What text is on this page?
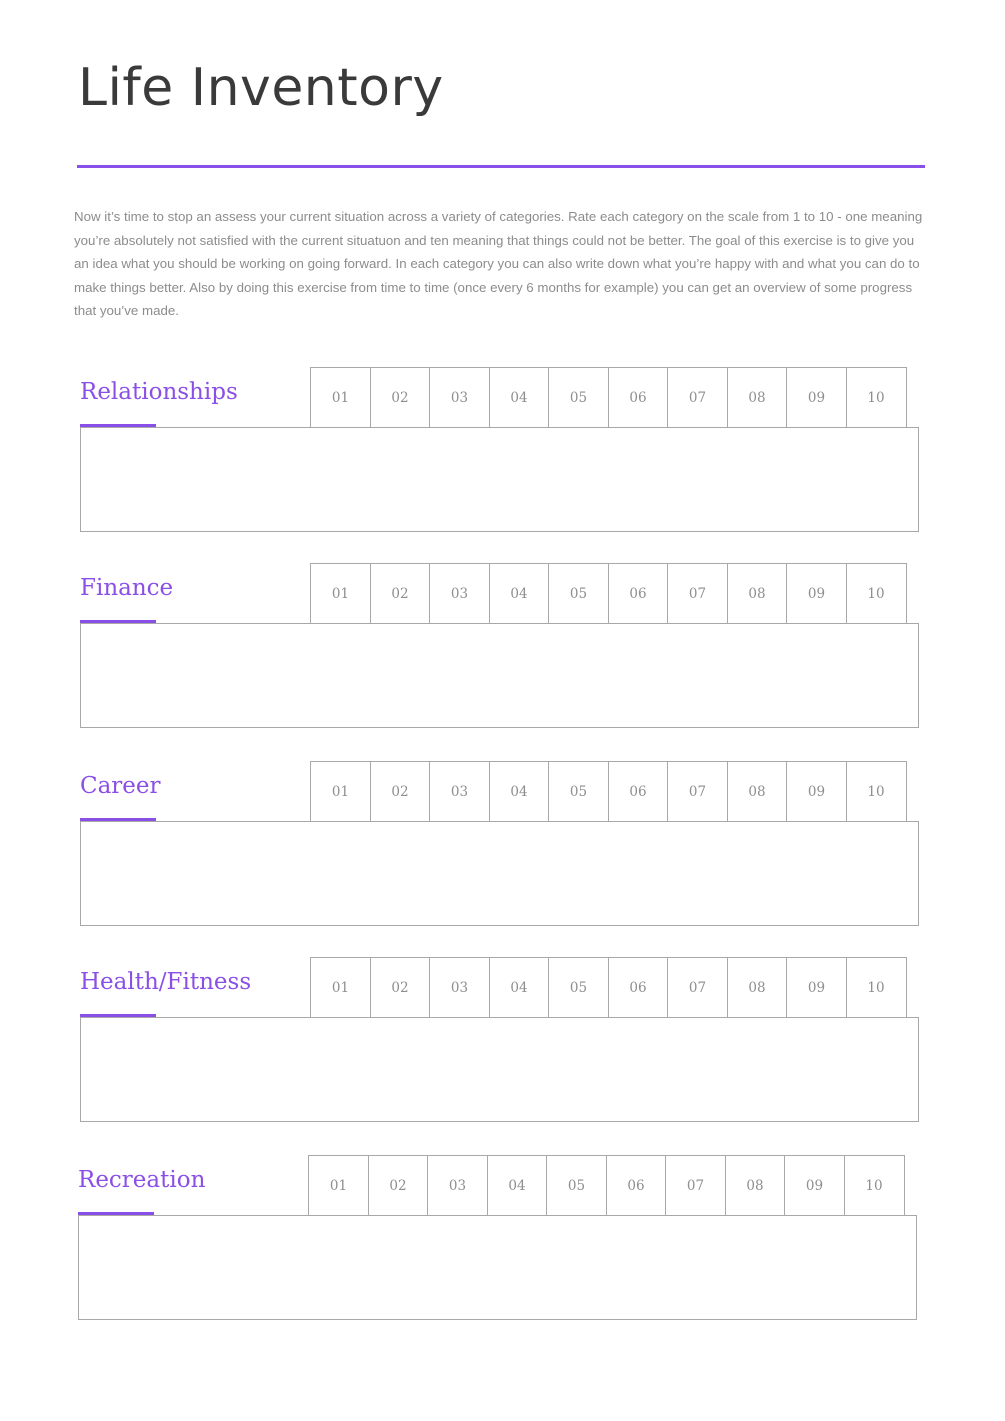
Life Inventory

Now it’s time to stop an assess your current situation across a variety of categories. Rate each category on the scale from 1 to 10 - one meaning you’re absolutely not satisfied with the current situatuon and ten meaning that things could not be better. The goal of this exercise is to give you an idea what you should be working on going forward. In each category you can also write down what you’re happy with and what you can do to make things better. Also by doing this exercise from time to time (once every 6 months for example) you can get an overview of some progress that you’ve made.

Relationships	01	02	03	04	05	06	07	08	09	10
Finance	01	02	03	04	05	06	07	08	09	10
Career	01	02	03	04	05	06	07	08	09	10
Health/Fitness	01	02	03	04	05	06	07	08	09	10
Recreation	01	02	03	04	05	06	07	08	09	10
